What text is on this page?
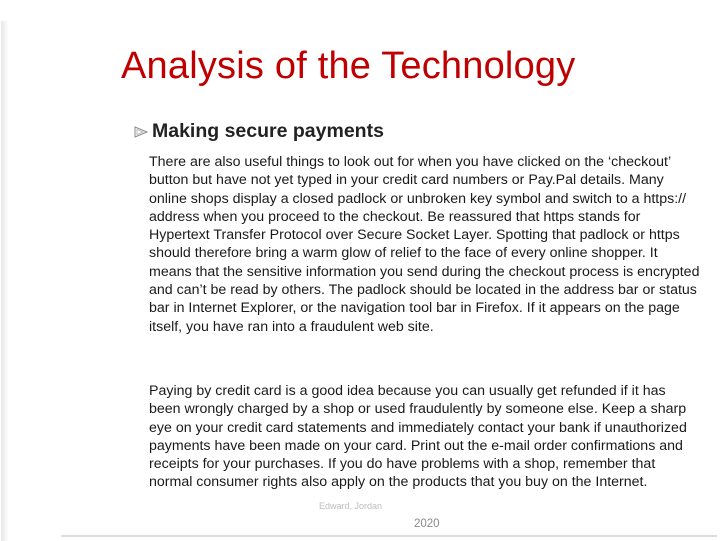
Analysis of the Technology
Making secure payments

There are also useful things to look out for when you have clicked on the ‘checkout’ button but have not yet typed in your credit card numbers or Pay.Pal details. Many online shops display a closed padlock or unbroken key symbol and switch to a https:// address when you proceed to the checkout. Be reassured that https stands for Hypertext Transfer Protocol over Secure Socket Layer. Spotting that padlock or https should therefore bring a warm glow of relief to the face of every online shopper. It means that the sensitive information you send during the checkout process is encrypted and can’t be read by others. The padlock should be located in the address bar or status bar in Internet Explorer, or the navigation tool bar in Firefox. If it appears on the page itself, you have ran into a fraudulent web site.

Paying by credit card is a good idea because you can usually get refunded if it has been wrongly charged by a shop or used fraudulently by someone else. Keep a sharp eye on your credit card statements and immediately contact your bank if unauthorized payments have been made on your card. Print out the e-mail order confirmations and receipts for your purchases. If you do have problems with a shop, remember that normal consumer rights also apply on the products that you buy on the Internet.

Edward, Jordan
2020
